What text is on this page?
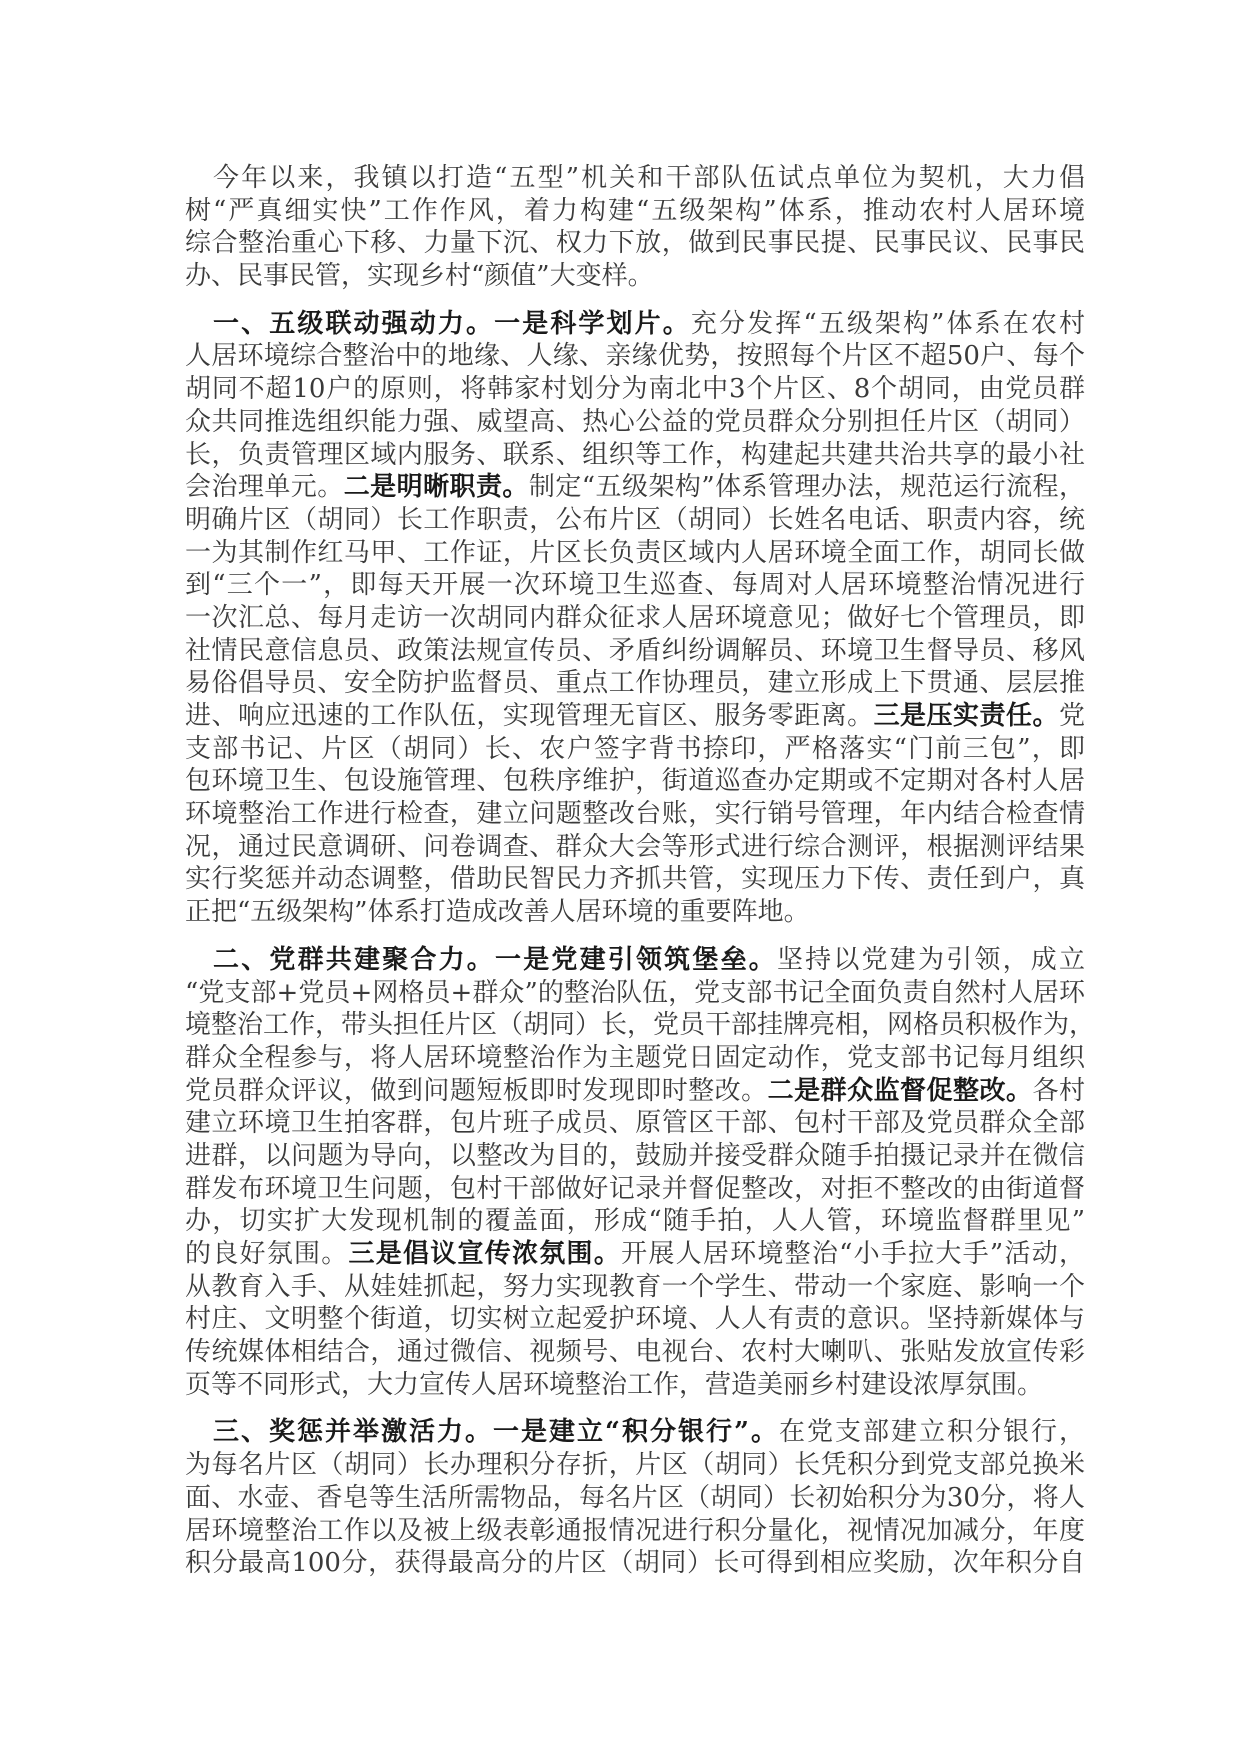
今年以来，我镇以打造“五型”机关和干部队伍试点单位为契机，大力倡
树“严真细实快”工作作风，着力构建“五级架构”体系，推动农村人居环境
综合整治重心下移、力量下沉、权力下放，做到民事民提、民事民议、民事民
办、民事民管，实现乡村“颜值”大变样。
一、五级联动强动力。一是科学划片。充分发挥“五级架构”体系在农村
人居环境综合整治中的地缘、人缘、亲缘优势，按照每个片区不超50户、每个
胡同不超10户的原则，将韩家村划分为南北中3个片区、8个胡同，由党员群
众共同推选组织能力强、威望高、热心公益的党员群众分别担任片区（胡同）
长，负责管理区域内服务、联系、组织等工作，构建起共建共治共享的最小社
会治理单元。二是明晰职责。制定“五级架构”体系管理办法，规范运行流程，
明确片区（胡同）长工作职责，公布片区（胡同）长姓名电话、职责内容，统
一为其制作红马甲、工作证，片区长负责区域内人居环境全面工作，胡同长做
到“三个一”，即每天开展一次环境卫生巡查、每周对人居环境整治情况进行
一次汇总、每月走访一次胡同内群众征求人居环境意见；做好七个管理员，即
社情民意信息员、政策法规宣传员、矛盾纠纷调解员、环境卫生督导员、移风
易俗倡导员、安全防护监督员、重点工作协理员，建立形成上下贯通、层层推
进、响应迅速的工作队伍，实现管理无盲区、服务零距离。三是压实责任。党
支部书记、片区（胡同）长、农户签字背书捺印，严格落实“门前三包”，即
包环境卫生、包设施管理、包秩序维护，街道巡查办定期或不定期对各村人居
环境整治工作进行检查，建立问题整改台账，实行销号管理，年内结合检查情
况，通过民意调研、问卷调查、群众大会等形式进行综合测评，根据测评结果
实行奖惩并动态调整，借助民智民力齐抓共管，实现压力下传、责任到户，真
正把“五级架构”体系打造成改善人居环境的重要阵地。
二、党群共建聚合力。一是党建引领筑堡垒。坚持以党建为引领，成立
“党支部+党员+网格员+群众”的整治队伍，党支部书记全面负责自然村人居环
境整治工作，带头担任片区（胡同）长，党员干部挂牌亮相，网格员积极作为，
群众全程参与，将人居环境整治作为主题党日固定动作，党支部书记每月组织
党员群众评议，做到问题短板即时发现即时整改。二是群众监督促整改。各村
建立环境卫生拍客群，包片班子成员、原管区干部、包村干部及党员群众全部
进群，以问题为导向，以整改为目的，鼓励并接受群众随手拍摄记录并在微信
群发布环境卫生问题，包村干部做好记录并督促整改，对拒不整改的由街道督
办，切实扩大发现机制的覆盖面，形成“随手拍，人人管，环境监督群里见”
的良好氛围。三是倡议宣传浓氛围。开展人居环境整治“小手拉大手”活动，
从教育入手、从娃娃抓起，努力实现教育一个学生、带动一个家庭、影响一个
村庄、文明整个街道，切实树立起爱护环境、人人有责的意识。坚持新媒体与
传统媒体相结合，通过微信、视频号、电视台、农村大喇叭、张贴发放宣传彩
页等不同形式，大力宣传人居环境整治工作，营造美丽乡村建设浓厚氛围。
三、奖惩并举激活力。一是建立“积分银行”。在党支部建立积分银行，
为每名片区（胡同）长办理积分存折，片区（胡同）长凭积分到党支部兑换米
面、水壶、香皂等生活所需物品，每名片区（胡同）长初始积分为30分，将人
居环境整治工作以及被上级表彰通报情况进行积分量化，视情况加减分，年度
积分最高100分，获得最高分的片区（胡同）长可得到相应奖励，次年积分自
